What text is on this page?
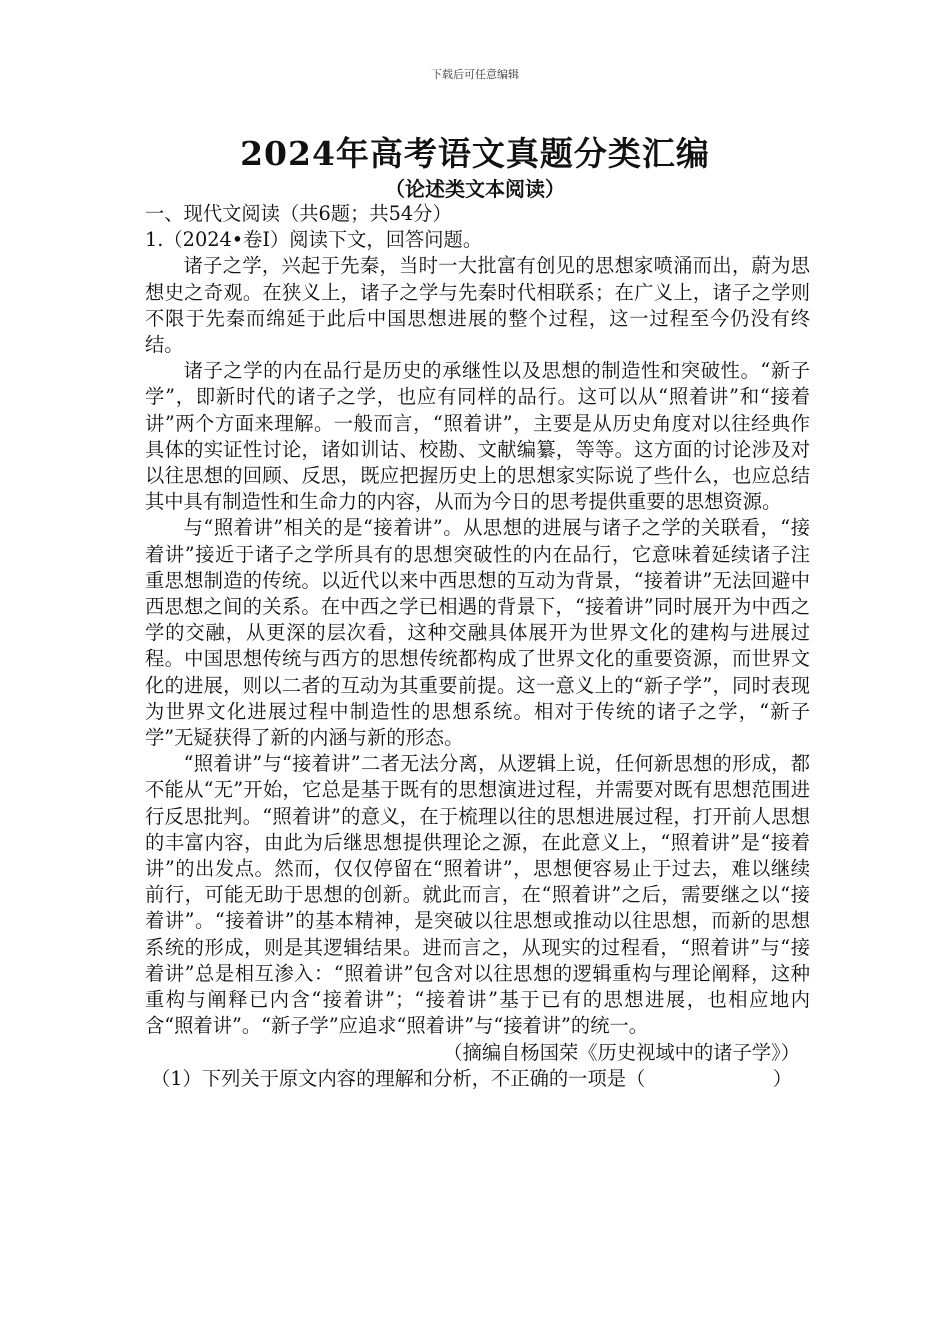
下载后可任意编辑
2024年高考语文真题分类汇编
（论述类文本阅读）

一、现代文阅读（共6题；共54分）

1.（2024•卷Ⅰ）阅读下文，回答问题。

诸子之学，兴起于先秦，当时一大批富有创见的思想家喷涌而出，蔚为思想史之奇观。在狭义上，诸子之学与先秦时代相联系；在广义上，诸子之学则不限于先秦而绵延于此后中国思想进展的整个过程，这一过程至今仍没有终结。

诸子之学的内在品行是历史的承继性以及思想的制造性和突破性。“新子学”，即新时代的诸子之学，也应有同样的品行。这可以从“照着讲”和“接着讲”两个方面来理解。一般而言，“照着讲”，主要是从历史角度对以往经典作具体的实证性讨论，诸如训诂、校勘、文献编纂，等等。这方面的讨论涉及对以往思想的回顾、反思，既应把握历史上的思想家实际说了些什么，也应总结其中具有制造性和生命力的内容，从而为今日的思考提供重要的思想资源。

与“照着讲”相关的是“接着讲”。从思想的进展与诸子之学的关联看，“接着讲”接近于诸子之学所具有的思想突破性的内在品行，它意味着延续诸子注重思想制造的传统。以近代以来中西思想的互动为背景，“接着讲”无法回避中西思想之间的关系。在中西之学已相遇的背景下，“接着讲”同时展开为中西之学的交融，从更深的层次看，这种交融具体展开为世界文化的建构与进展过程。中国思想传统与西方的思想传统都构成了世界文化的重要资源，而世界文化的进展，则以二者的互动为其重要前提。这一意义上的“新子学”，同时表现为世界文化进展过程中制造性的思想系统。相对于传统的诸子之学，“新子学”无疑获得了新的内涵与新的形态。

“照着讲”与“接着讲”二者无法分离，从逻辑上说，任何新思想的形成，都不能从“无”开始，它总是基于既有的思想演进过程，并需要对既有思想范围进行反思批判。“照着讲”的意义，在于梳理以往的思想进展过程，打开前人思想的丰富内容，由此为后继思想提供理论之源，在此意义上，“照着讲”是“接着讲”的出发点。然而，仅仅停留在“照着讲”，思想便容易止于过去，难以继续前行，可能无助于思想的创新。就此而言，在“照着讲”之后，需要继之以“接着讲”。“接着讲”的基本精神，是突破以往思想或推动以往思想，而新的思想系统的形成，则是其逻辑结果。进而言之，从现实的过程看，“照着讲”与“接着讲”总是相互渗入：“照着讲”包含对以往思想的逻辑重构与理论阐释，这种重构与阐释已内含“接着讲”；“接着讲”基于已有的思想进展，也相应地内含“照着讲”。“新子学”应追求“照着讲”与“接着讲”的统一。

（摘编自杨国荣《历史视域中的诸子学》）

（1）下列关于原文内容的理解和分析，不正确的一项是（	）
